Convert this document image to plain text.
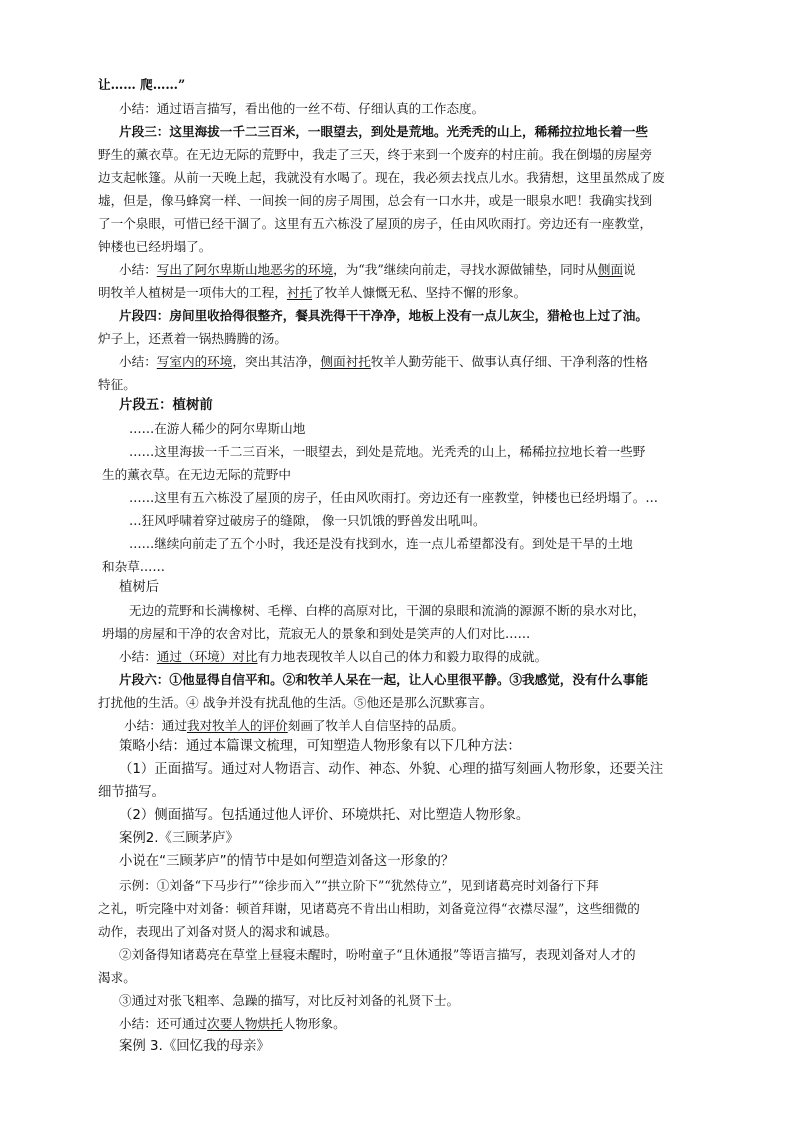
让…… 爬……”
小结：通过语言描写，看出他的一丝不苟、仔细认真的工作态度。
片段三：这里海拔一千二三百米，一眼望去，到处是荒地。光秃秃的山上，稀稀拉拉地长着一些
野生的薰衣草。在无边无际的荒野中，我走了三天，终于来到一个废弃的村庄前。我在倒塌的房屋旁
边支起帐篷。从前一天晚上起，我就没有水喝了。现在，我必须去找点儿水。我猜想，这里虽然成了废
墟，但是，像马蜂窝一样、一间挨一间的房子周围，总会有一口水井，或是一眼泉水吧！我确实找到
了一个泉眼，可惜已经干涸了。这里有五六栋没了屋顶的房子，任由风吹雨打。旁边还有一座教堂，
钟楼也已经坍塌了。
小结：写出了阿尔卑斯山地恶劣的环境，为“我”继续向前走，寻找水源做铺垫，同时从侧面说
明牧羊人植树是一项伟大的工程，衬托了牧羊人慷慨无私、坚持不懈的形象。
片段四：房间里收拾得很整齐，餐具洗得干干净净，地板上没有一点儿灰尘，猎枪也上过了油。
炉子上，还煮着一锅热腾腾的汤。
小结：写室内的环境，突出其洁净，侧面衬托牧羊人勤劳能干、做事认真仔细、干净利落的性格
特征。
片段五：植树前
……在游人稀少的阿尔卑斯山地
……这里海拔一千二三百米，一眼望去，到处是荒地。光秃秃的山上，稀稀拉拉地长着一些野
生的薰衣草。在无边无际的荒野中
……这里有五六栋没了屋顶的房子，任由风吹雨打。旁边还有一座教堂，钟楼也已经坍塌了。…
…狂风呼啸着穿过破房子的缝隙， 像一只饥饿的野兽发出吼叫。
……继续向前走了五个小时，我还是没有找到水，连一点儿希望都没有。到处是干旱的土地
和杂草……
植树后
无边的荒野和长满橡树、毛榉、白桦的高原对比，干涸的泉眼和流淌的源源不断的泉水对比，
坍塌的房屋和干净的农舍对比，荒寂无人的景象和到处是笑声的人们对比……
小结：通过（环境）对比有力地表现牧羊人以自己的体力和毅力取得的成就。
片段六：①他显得自信平和。②和牧羊人呆在一起，让人心里很平静。③我感觉，没有什么事能
打扰他的生活。④ 战争并没有扰乱他的生活。⑤他还是那么沉默寡言。
小结：通过我对牧羊人的评价刻画了牧羊人自信坚持的品质。
策略小结：通过本篇课文梳理，可知塑造人物形象有以下几种方法：
（1）正面描写。通过对人物语言、动作、神态、外貌、心理的描写刻画人物形象，还要关注
细节描写。
（2）侧面描写。包括通过他人评价、环境烘托、对比塑造人物形象。
案例2.《三顾茅庐》
小说在“三顾茅庐”的情节中是如何塑造刘备这一形象的？
示例：①刘备“下马步行”“徐步而入”“拱立阶下”“犹然侍立”，见到诸葛亮时刘备行下拜
之礼，听完隆中对刘备：顿首拜谢，见诸葛亮不肯出山相助，刘备竟泣得“衣襟尽湿”，这些细微的
动作，表现出了刘备对贤人的渴求和诚恳。
②刘备得知诸葛亮在草堂上昼寝未醒时，吩咐童子“且休通报”等语言描写，表现刘备对人才的
渴求。
③通过对张飞粗率、急躁的描写，对比反衬刘备的礼贤下士。
小结：还可通过次要人物烘托人物形象。
案例 3.《回忆我的母亲》
